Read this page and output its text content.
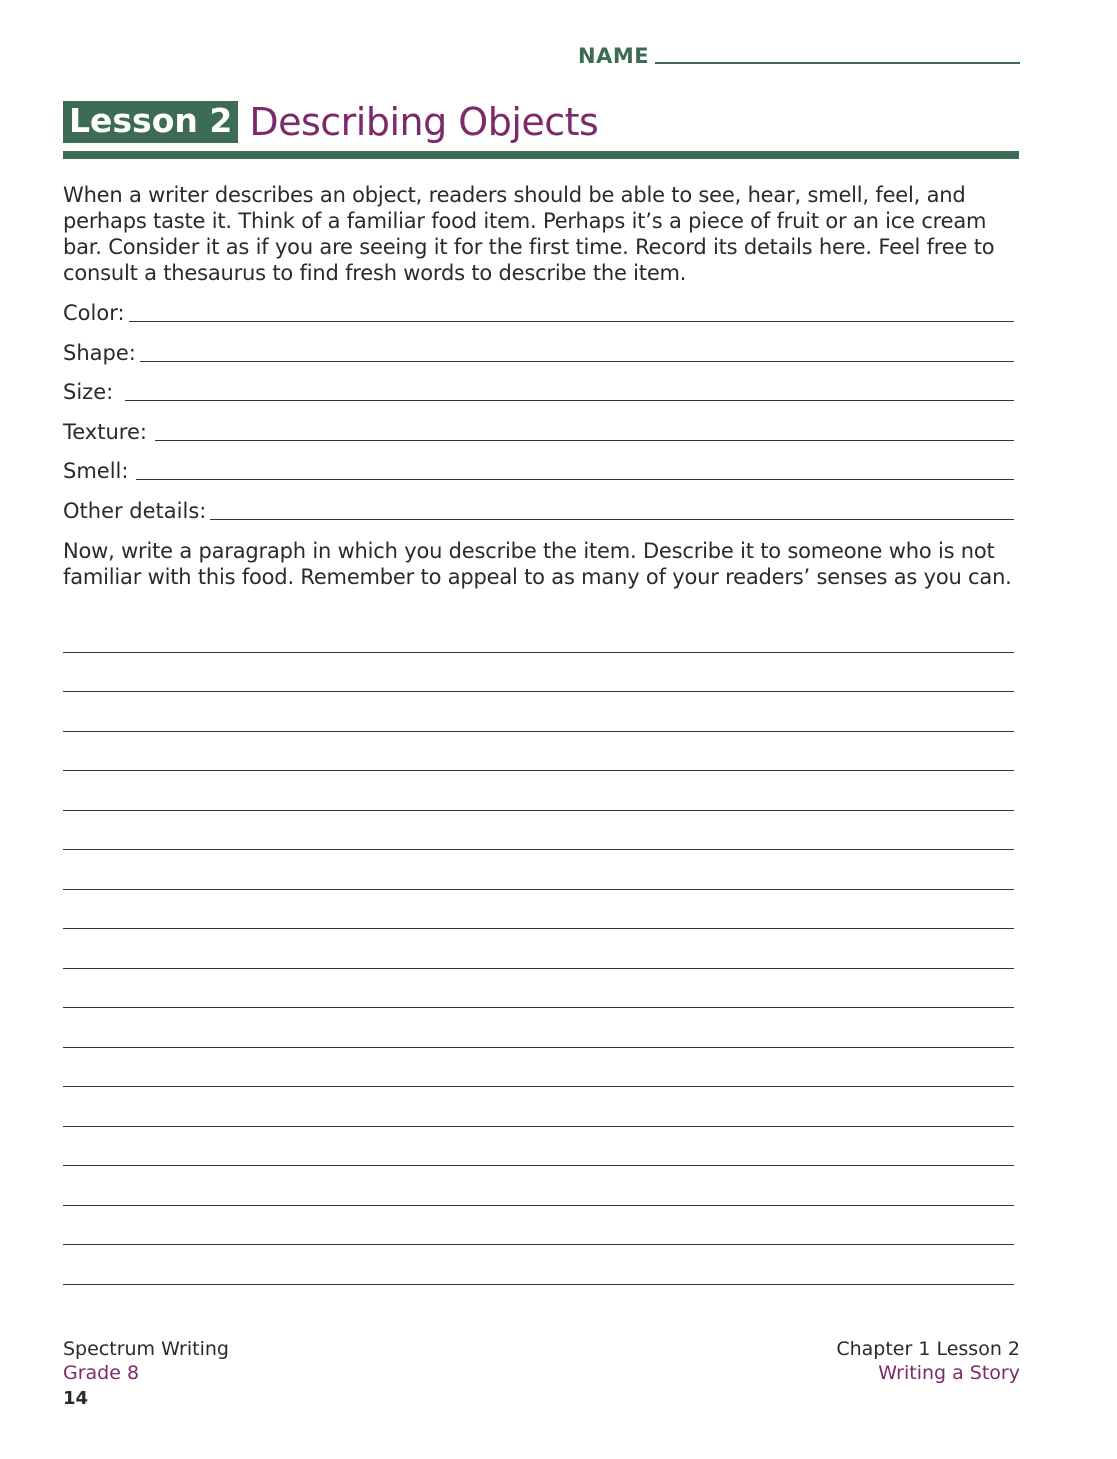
NAME
Lesson 2 Describing Objects

When a writer describes an object, readers should be able to see, hear, smell, feel, and perhaps taste it. Think of a familiar food item. Perhaps it’s a piece of fruit or an ice cream bar. Consider it as if you are seeing it for the first time. Record its details here. Feel free to consult a thesaurus to find fresh words to describe the item.

Color:
Shape:
Size:
Texture:
Smell:
Other details:

Now, write a paragraph in which you describe the item. Describe it to someone who is not familiar with this food. Remember to appeal to as many of your readers’ senses as you can.

Spectrum Writing
Grade 8
14
Chapter 1 Lesson 2
Writing a Story
